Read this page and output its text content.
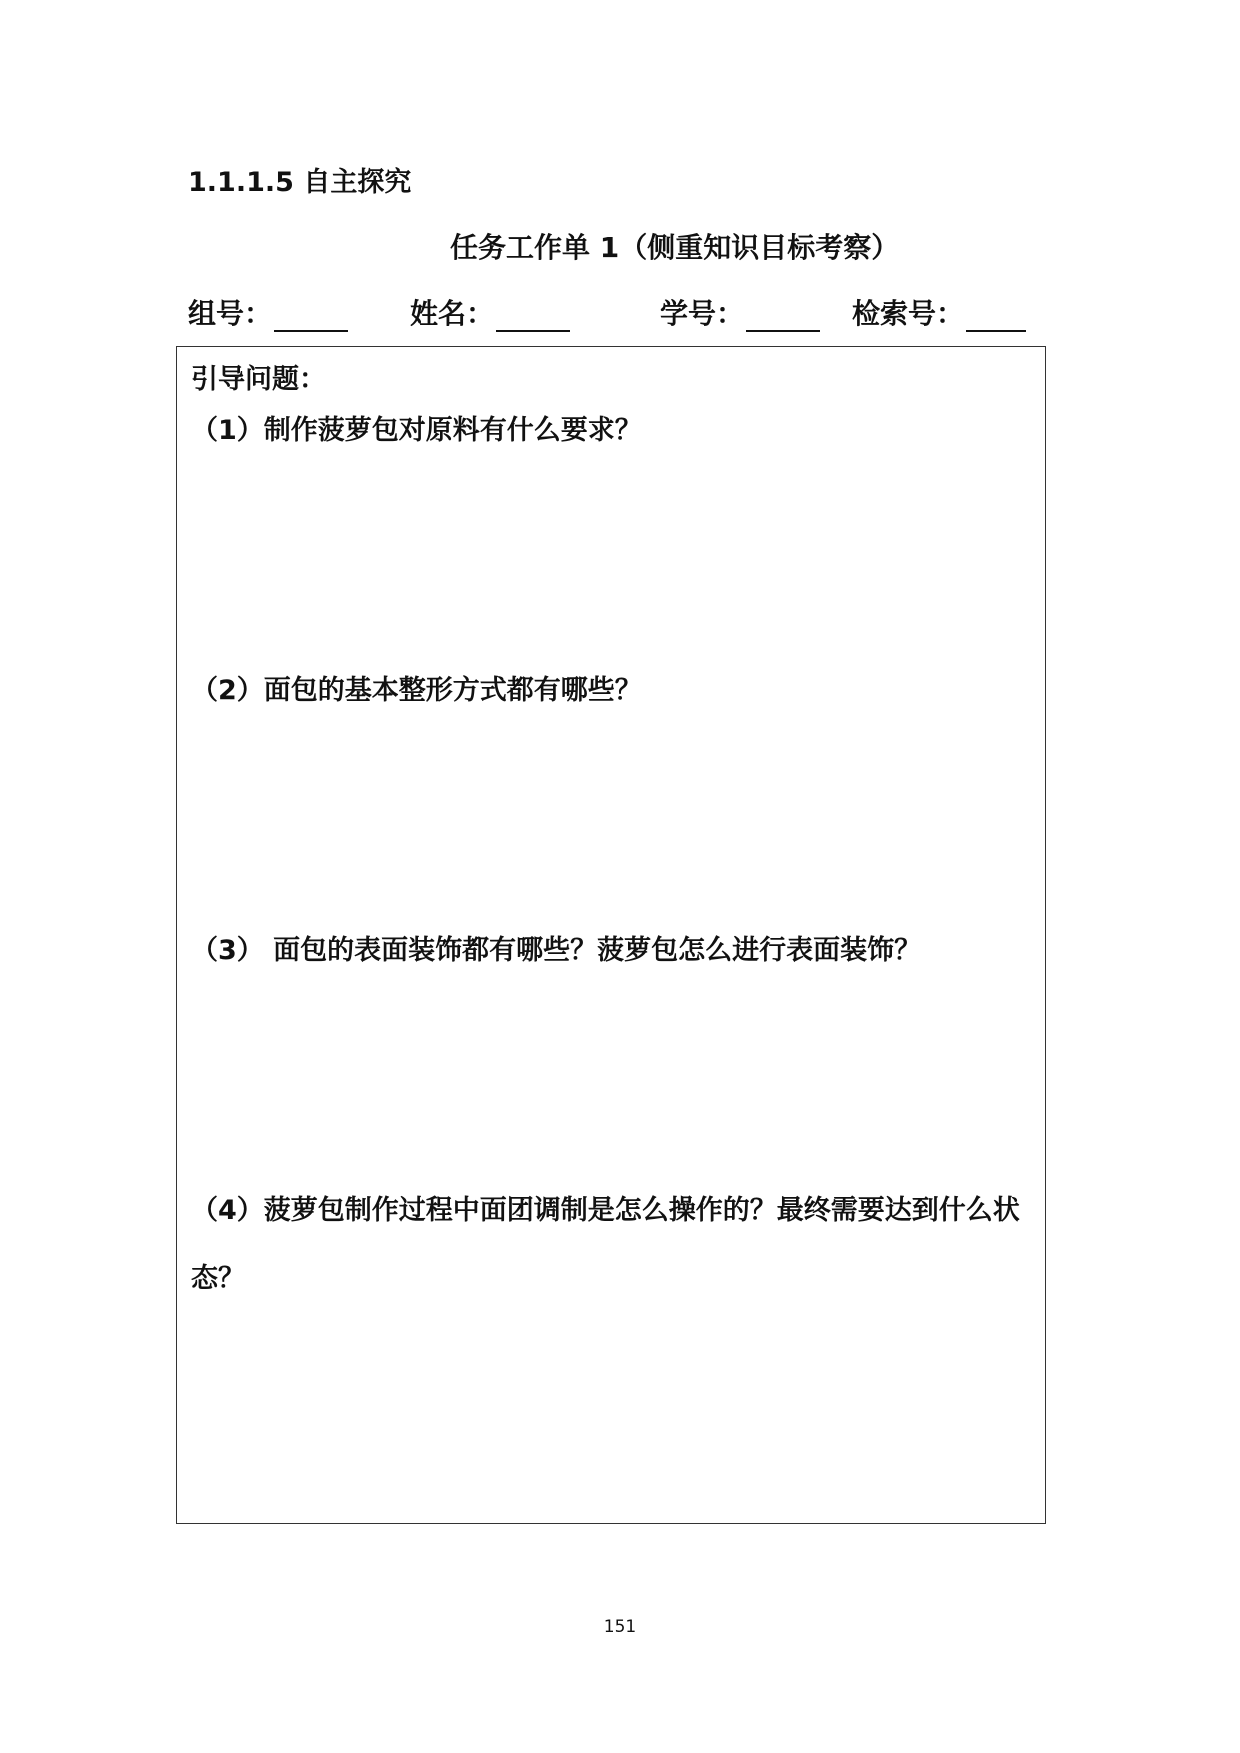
1.1.1.5 自主探究
任务工作单 1（侧重知识目标考察）
组号：	姓名：	学号：	检索号：
引导问题：
（1）制作菠萝包对原料有什么要求？
（2）面包的基本整形方式都有哪些？
（3） 面包的表面装饰都有哪些？菠萝包怎么进行表面装饰？
（4）菠萝包制作过程中面团调制是怎么操作的？最终需要达到什么状态？
151
